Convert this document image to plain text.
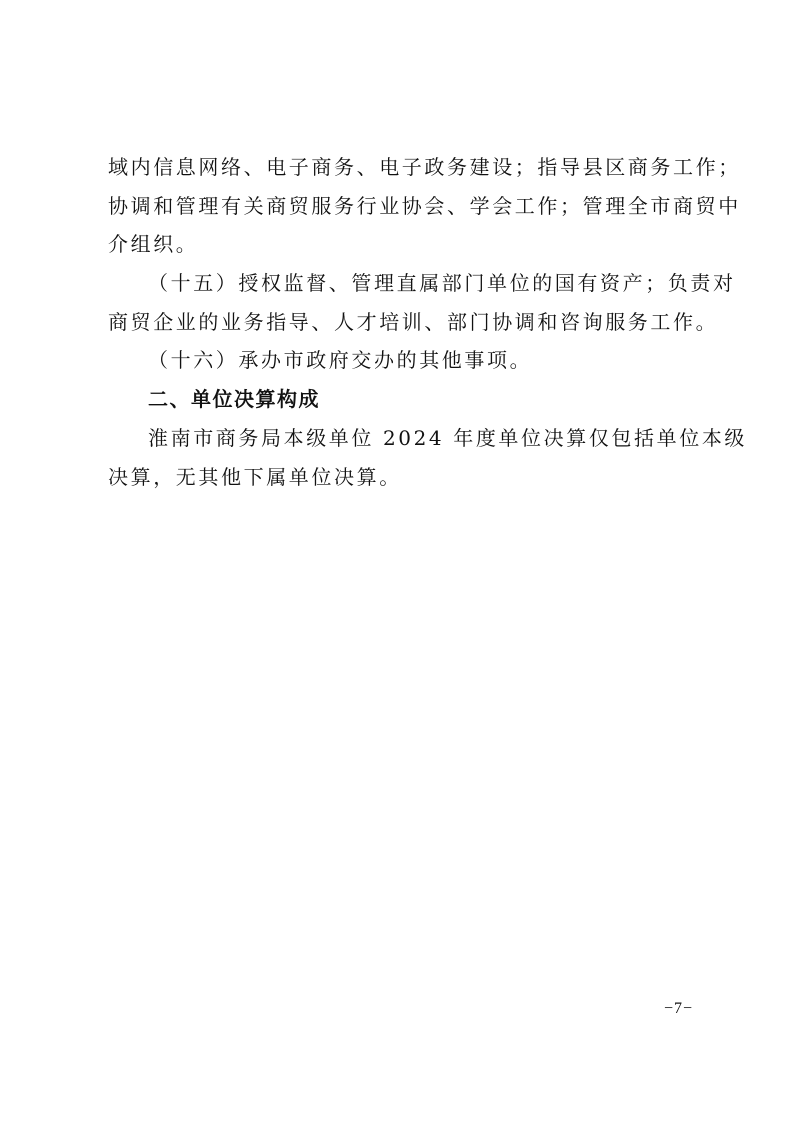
域内信息网络、电子商务、电子政务建设；指导县区商务工作；
协调和管理有关商贸服务行业协会、学会工作；管理全市商贸中
介组织。
（十五）授权监督、管理直属部门单位的国有资产；负责对
商贸企业的业务指导、人才培训、部门协调和咨询服务工作。
（十六）承办市政府交办的其他事项。
二、单位决算构成
淮南市商务局本级单位 2024 年度单位决算仅包括单位本级
决算，无其他下属单位决算。
−7−
